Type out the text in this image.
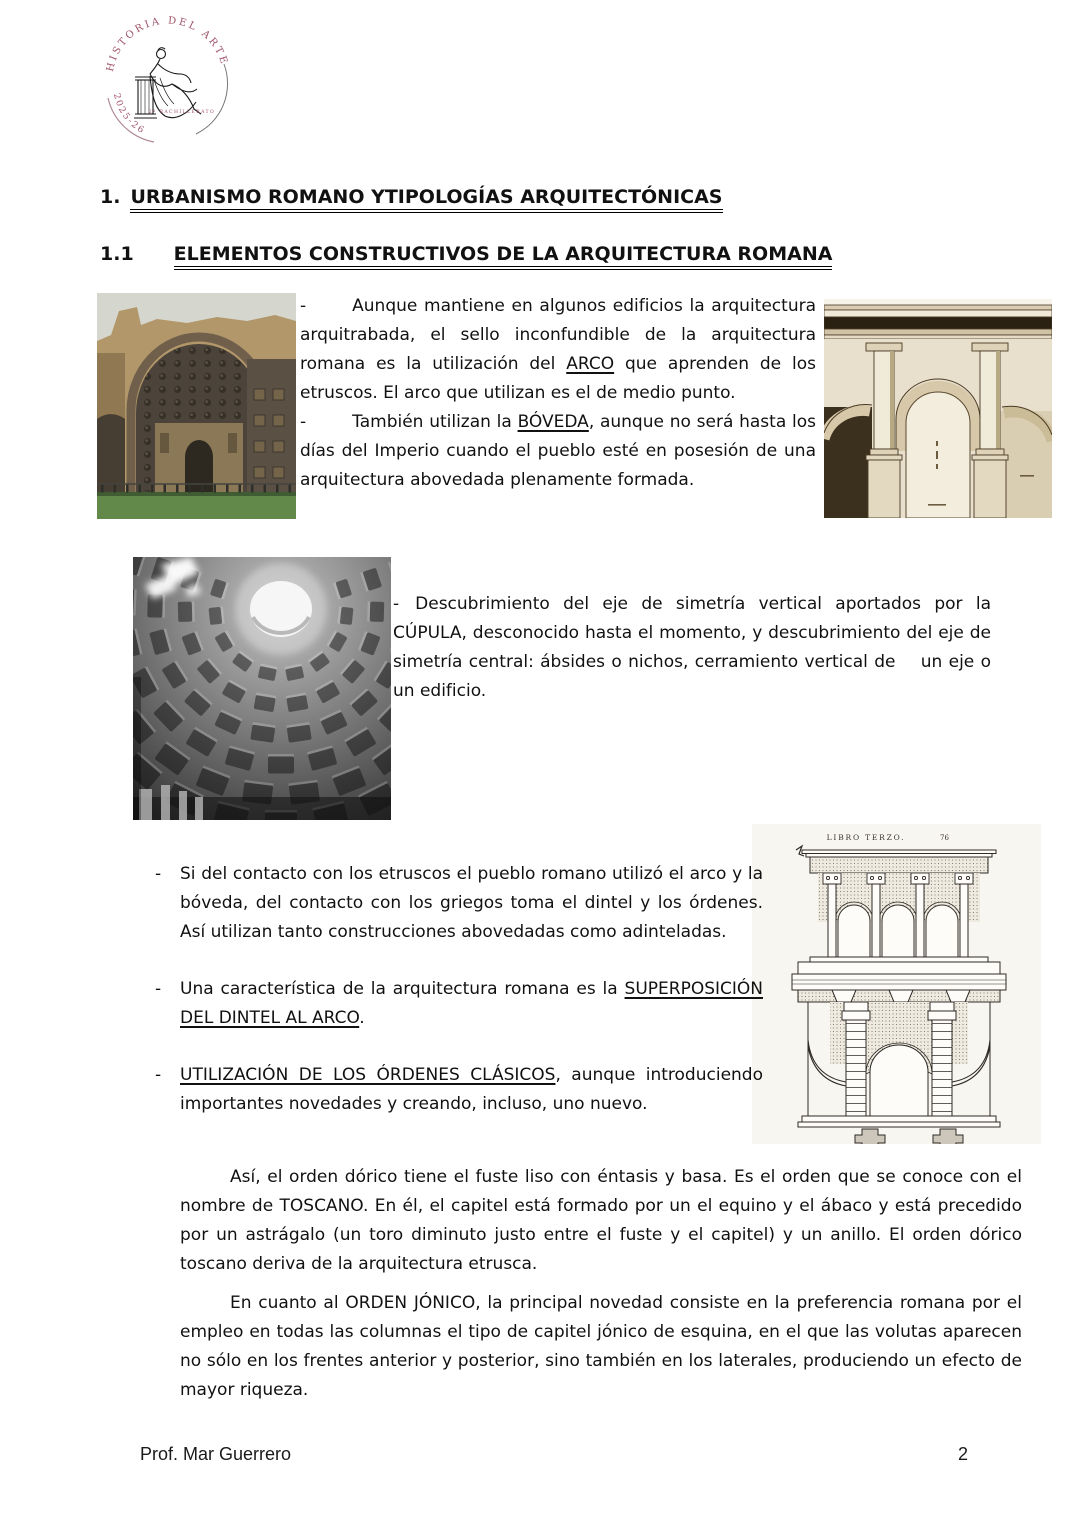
HISTORIA DEL ARTE
2025-26
2º BACHILLERATO
1. URBANISMO ROMANO YTIPOLOGÍAS ARQUITECTÓNICAS
1.1 ELEMENTOS CONSTRUCTIVOS DE LA ARQUITECTURA ROMANA

-	Aunque mantiene en algunos edificios la arquitectura arquitrabada, el sello inconfundible de la arquitectura romana es la utilización del ARCO que aprenden de los etruscos. El arco que utilizan es el de medio punto.

-	También utilizan la BÓVEDA, aunque no será hasta los días del Imperio cuando el pueblo esté en posesión de una arquitectura abovedada plenamente formada.

- Descubrimiento del eje de simetría vertical aportados por la CÚPULA, desconocido hasta el momento, y descubrimiento del eje de simetría central: ábsides o nichos, cerramiento vertical de    un eje o un edificio.

LIBRO TERZO.	76

- Si del contacto con los etruscos el pueblo romano utilizó el arco y la bóveda, del contacto con los griegos toma el dintel y los órdenes. Así utilizan tanto construcciones abovedadas como adinteladas.

- Una característica de la arquitectura romana es la SUPERPOSICIÓN DEL DINTEL AL ARCO.

- UTILIZACIÓN DE LOS ÓRDENES CLÁSICOS, aunque introduciendo importantes novedades y creando, incluso, uno nuevo.

Así, el orden dórico tiene el fuste liso con éntasis y basa. Es el orden que se conoce con el nombre de TOSCANO. En él, el capitel está formado por un el equino y el ábaco y está precedido por un astrágalo (un toro diminuto justo entre el fuste y el capitel) y un anillo. El orden dórico toscano deriva de la arquitectura etrusca.

En cuanto al ORDEN JÓNICO, la principal novedad consiste en la preferencia romana por el empleo en todas las columnas el tipo de capitel jónico de esquina, en el que las volutas aparecen no sólo en los frentes anterior y posterior, sino también en los laterales, produciendo un efecto de mayor riqueza.

Prof. Mar Guerrero	2
